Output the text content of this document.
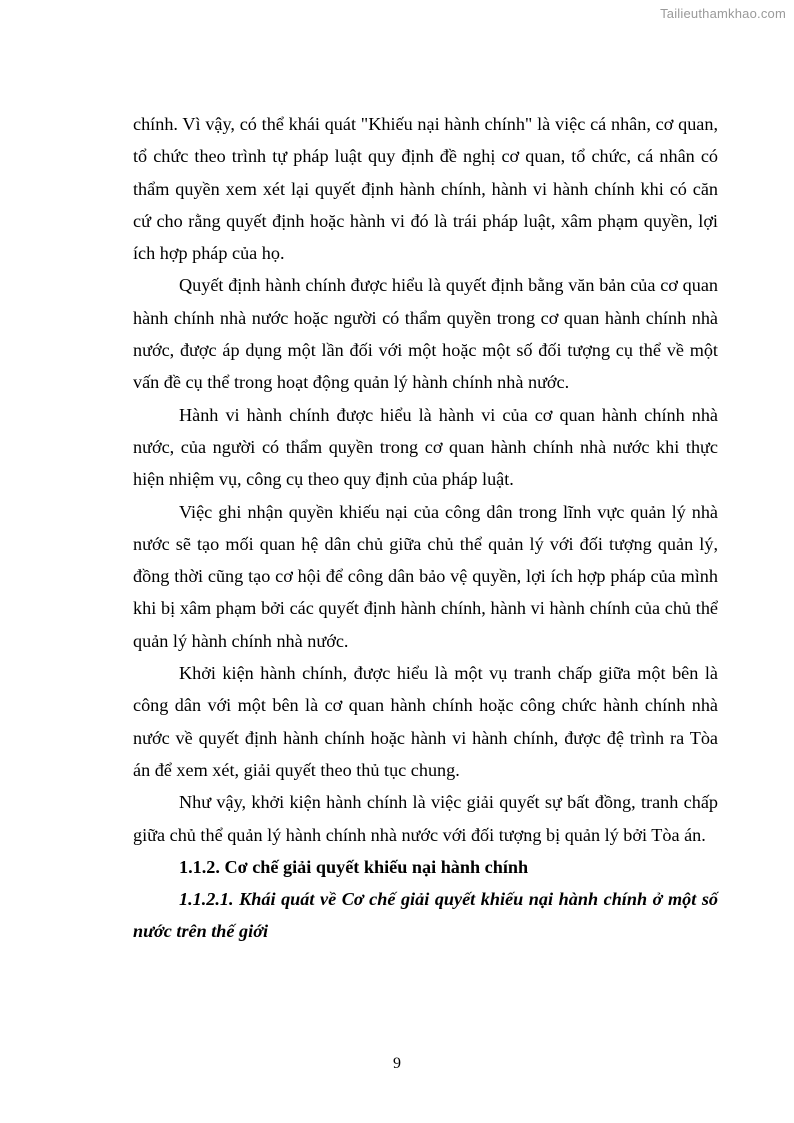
Tailieuthamkhao.com

chính. Vì vậy, có thể khái quát "Khiếu nại hành chính" là việc cá nhân, cơ quan, tổ chức theo trình tự pháp luật quy định đề nghị cơ quan, tổ chức, cá nhân có thẩm quyền xem xét lại quyết định hành chính, hành vi hành chính khi có căn cứ cho rằng quyết định hoặc hành vi đó là trái pháp luật, xâm phạm quyền, lợi ích hợp pháp của họ.

Quyết định hành chính được hiểu là quyết định bằng văn bản của cơ quan hành chính nhà nước hoặc người có thẩm quyền trong cơ quan hành chính nhà nước, được áp dụng một lần đối với một hoặc một số đối tượng cụ thể về một vấn đề cụ thể trong hoạt động quản lý hành chính nhà nước.

Hành vi hành chính được hiểu là hành vi của cơ quan hành chính nhà nước, của người có thẩm quyền trong cơ quan hành chính nhà nước khi thực hiện nhiệm vụ, công cụ theo quy định của pháp luật.

Việc ghi nhận quyền khiếu nại của công dân trong lĩnh vực quản lý nhà nước sẽ tạo mối quan hệ dân chủ giữa chủ thể quản lý với đối tượng quản lý, đồng thời cũng tạo cơ hội để công dân bảo vệ quyền, lợi ích hợp pháp của mình khi bị xâm phạm bởi các quyết định hành chính, hành vi hành chính của chủ thể quản lý hành chính nhà nước.

Khởi kiện hành chính, được hiểu là một vụ tranh chấp giữa một bên là công dân với một bên là cơ quan hành chính hoặc công chức hành chính nhà nước về quyết định hành chính hoặc hành vi hành chính, được đệ trình ra Tòa án để xem xét, giải quyết theo thủ tục chung.

Như vậy, khởi kiện hành chính là việc giải quyết sự bất đồng, tranh chấp giữa chủ thể quản lý hành chính nhà nước với đối tượng bị quản lý bởi Tòa án.

1.1.2. Cơ chế giải quyết khiếu nại hành chính

1.1.2.1. Khái quát về Cơ chế giải quyết khiếu nại hành chính ở một số nước trên thế giới

9
